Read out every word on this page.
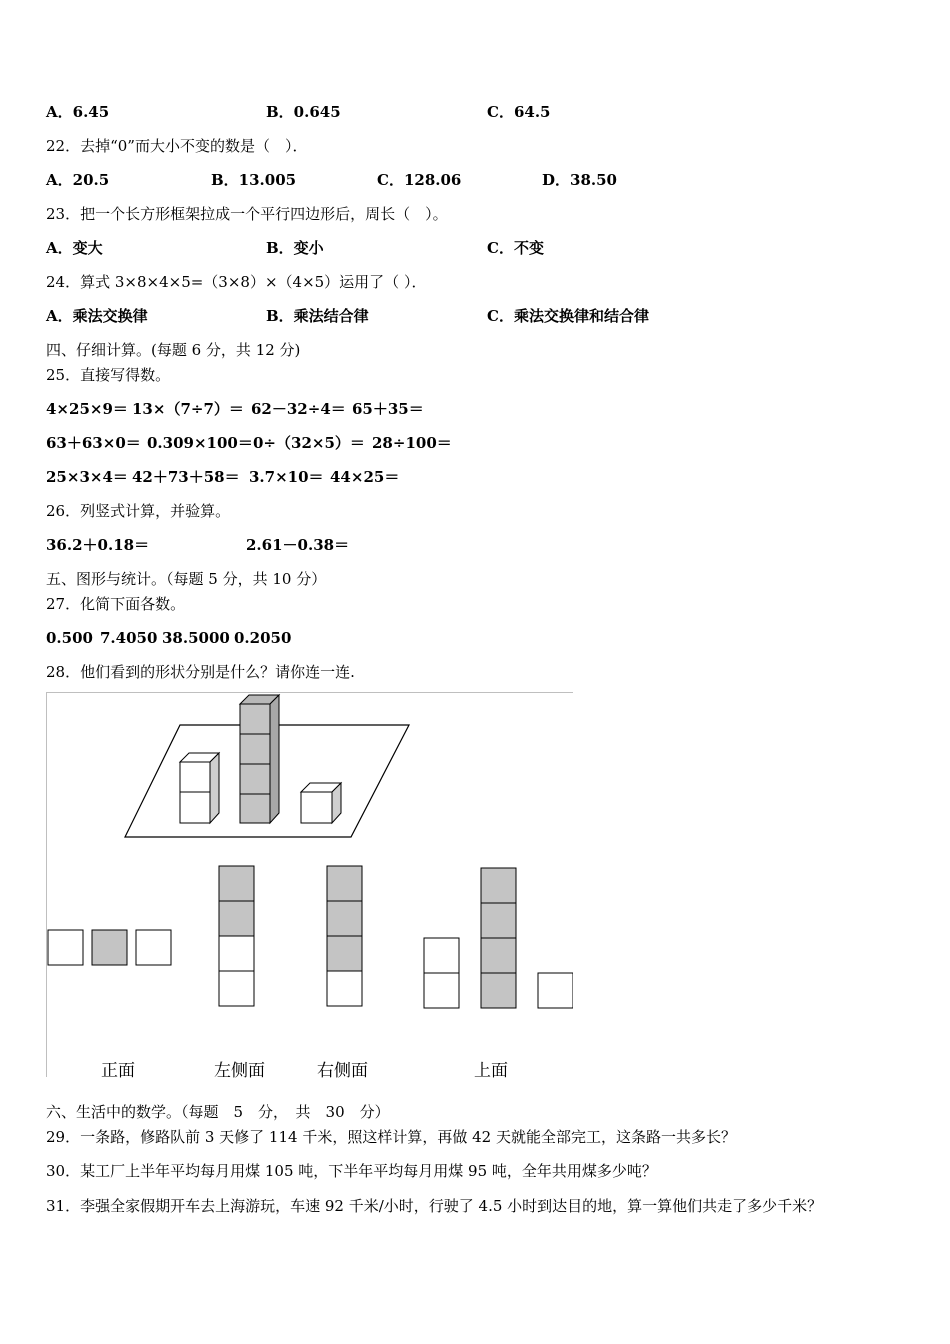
A．6.45	B．0.645	C．64.5
22．去掉“0”而大小不变的数是（　）．
A．20.5	B．13.005	C．128.06	D．38.50
23．把一个长方形框架拉成一个平行四边形后，周长（　）。
A．变大	B．变小	C．不变
24．算式 3×8×4×5=（3×8）×（4×5）运用了（ ）．
A．乘法交换律	B．乘法结合律	C．乘法交换律和结合律
四、仔细计算。(每题 6 分，共 12 分)
25．直接写得数。
4×25×9＝ 13×（7÷7）＝ 62－32÷4＝ 65＋35＝
63＋63×0＝ 0.309×100＝ 0÷（32×5）＝ 28÷100＝
25×3×4＝ 42＋73＋58＝ 3.7×10＝ 44×25＝
26．列竖式计算，并验算。
36.2＋0.18＝	2.61－0.38＝
五、图形与统计。（每题 5 分，共 10 分）
27．化简下面各数。
0.500 7.4050 38.5000 0.2050
28．他们看到的形状分别是什么？请你连一连.
正面	左侧面	右侧面	上面
六、生活中的数学。（每题　5　分，　共　30　分）
29．一条路，修路队前 3 天修了 114 千米，照这样计算，再做 42 天就能全部完工，这条路一共多长？
30．某工厂上半年平均每月用煤 105 吨，下半年平均每月用煤 95 吨，全年共用煤多少吨？
31．李强全家假期开车去上海游玩，车速 92 千米/小时，行驶了 4.5 小时到达目的地，算一算他们共走了多少千米？
